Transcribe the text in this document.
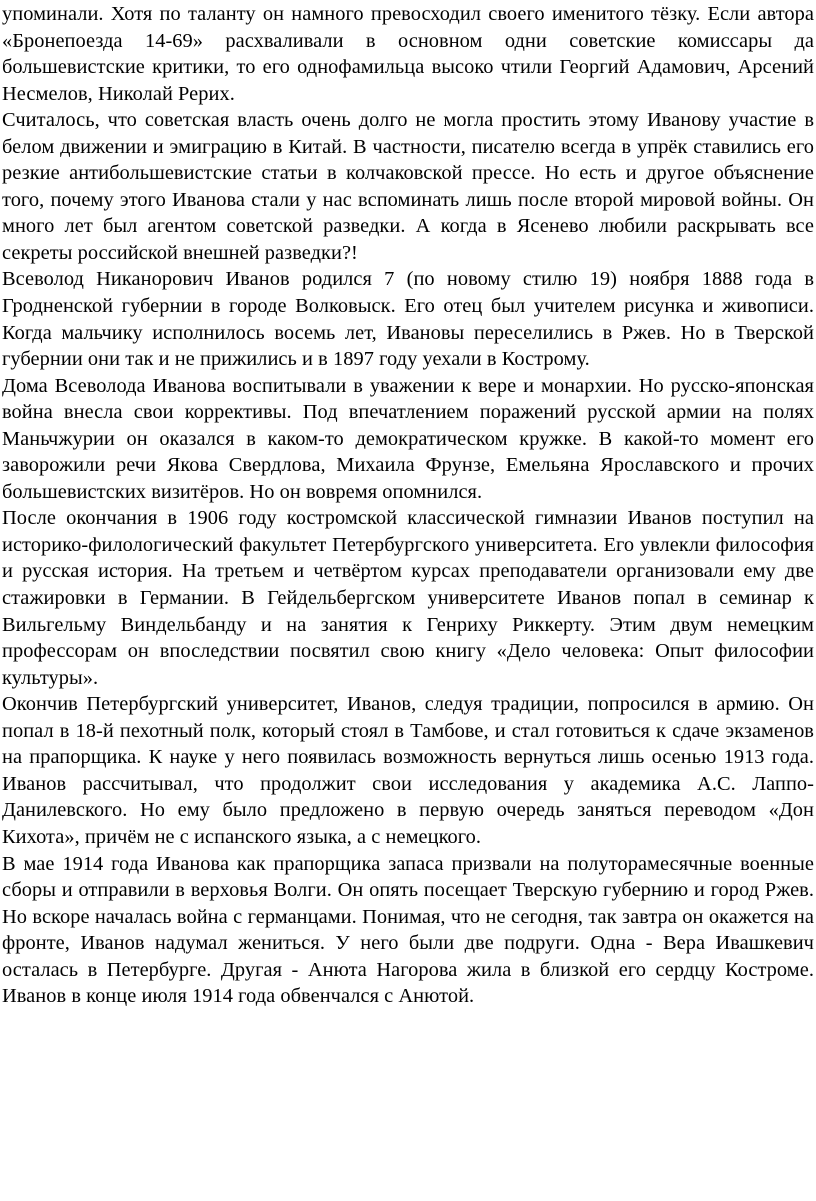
упоминали. Хотя по таланту он намного превосходил своего именитого тёзку. Если автора «Бронепоезда 14-69» расхваливали в основном одни советские комиссары да большевистские критики, то его однофамильца высоко чтили Георгий Адамович, Арсений Несмелов, Николай Рерих.

Считалось, что советская власть очень долго не могла простить этому Иванову участие в белом движении и эмиграцию в Китай. В частности, писателю всегда в упрёк ставились его резкие антибольшевистские статьи в колчаковской прессе. Но есть и другое объяснение того, почему этого Иванова стали у нас вспоминать лишь после второй мировой войны. Он много лет был агентом советской разведки. А когда в Ясенево любили раскрывать все секреты российской внешней разведки?!

Всеволод Никанорович Иванов родился 7 (по новому стилю 19) ноября 1888 года в Гродненской губернии в городе Волковыск. Его отец был учителем рисунка и живописи. Когда мальчику исполнилось восемь лет, Ивановы переселились в Ржев. Но в Тверской губернии они так и не прижились и в 1897 году уехали в Кострому.

Дома Всеволода Иванова воспитывали в уважении к вере и монархии. Но русско-японская война внесла свои коррективы. Под впечатлением поражений русской армии на полях Маньчжурии он оказался в каком-то демократическом кружке. В какой-то момент его заворожили речи Якова Свердлова, Михаила Фрунзе, Емельяна Ярославского и прочих большевистских визитёров. Но он вовремя опомнился.

После окончания в 1906 году костромской классической гимназии Иванов поступил на историко-филологический факультет Петербургского университета. Его увлекли философия и русская история. На третьем и четвёртом курсах преподаватели организовали ему две стажировки в Германии. В Гейдельбергском университете Иванов попал в семинар к Вильгельму Виндельбанду и на занятия к Генриху Риккерту. Этим двум немецким профессорам он впоследствии посвятил свою книгу «Дело человека: Опыт философии культуры».

Окончив Петербургский университет, Иванов, следуя традиции, попросился в армию. Он попал в 18-й пехотный полк, который стоял в Тамбове, и стал готовиться к сдаче экзаменов на прапорщика. К науке у него появилась возможность вернуться лишь осенью 1913 года. Иванов рассчитывал, что продолжит свои исследования у академика А.С. Лаппо-Данилевского. Но ему было предложено в первую очередь заняться переводом «Дон Кихота», причём не с испанского языка, а с немецкого.

В мае 1914 года Иванова как прапорщика запаса призвали на полуторамесячные военные сборы и отправили в верховья Волги. Он опять посещает Тверскую губернию и город Ржев. Но вскоре началась война с германцами. Понимая, что не сегодня, так завтра он окажется на фронте, Иванов надумал жениться. У него были две подруги. Одна - Вера Ивашкевич осталась в Петербурге. Другая - Анюта Нагорова жила в близкой его сердцу Костроме. Иванов в конце июля 1914 года обвенчался с Анютой.
